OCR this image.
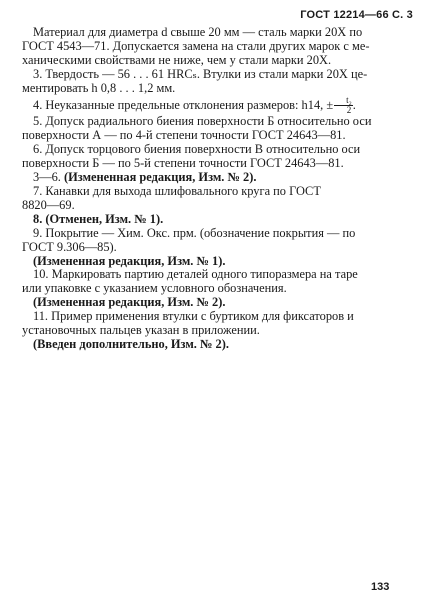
ГОСТ 12214—66 С. 3

Материал для диаметра d свыше 20 мм — сталь марки 20Х по

ГОСТ 4543—71. Допускается замена на стали других марок с ме-

ханическими свойствами не ниже, чем у стали марки 20Х.

3. Твердость — 56 . . . 61 HRCₛ. Втулки из стали марки 20Х це-

ментировать h 0,8 . . . 1,2 мм.

4. Неуказанные предельные отклонения размеров: h14, ± $\frac{\text{t₂}}{2}$ .

5. Допуск радиального биения поверхности Б относительно оси

поверхности А — по 4-й степени точности ГОСТ 24643—81.

6. Допуск торцового биения поверхности В относительно оси

поверхности Б — по 5-й степени точности ГОСТ 24643—81.

3—6. (Измененная редакция, Изм. № 2).

7. Канавки для выхода шлифовального круга по ГОСТ

8820—69.

8. (Отменен, Изм. № 1).

9. Покрытие — Хим. Окс. прм. (обозначение покрытия — по

ГОСТ 9.306—85).

(Измененная редакция, Изм. № 1).

10. Маркировать партию деталей одного типоразмера на таре

или упаковке с указанием условного обозначения.

(Измененная редакция, Изм. № 2).

11. Пример применения втулки с буртиком для фиксаторов и

установочных пальцев указан в приложении.

(Введен дополнительно, Изм. № 2).

133
